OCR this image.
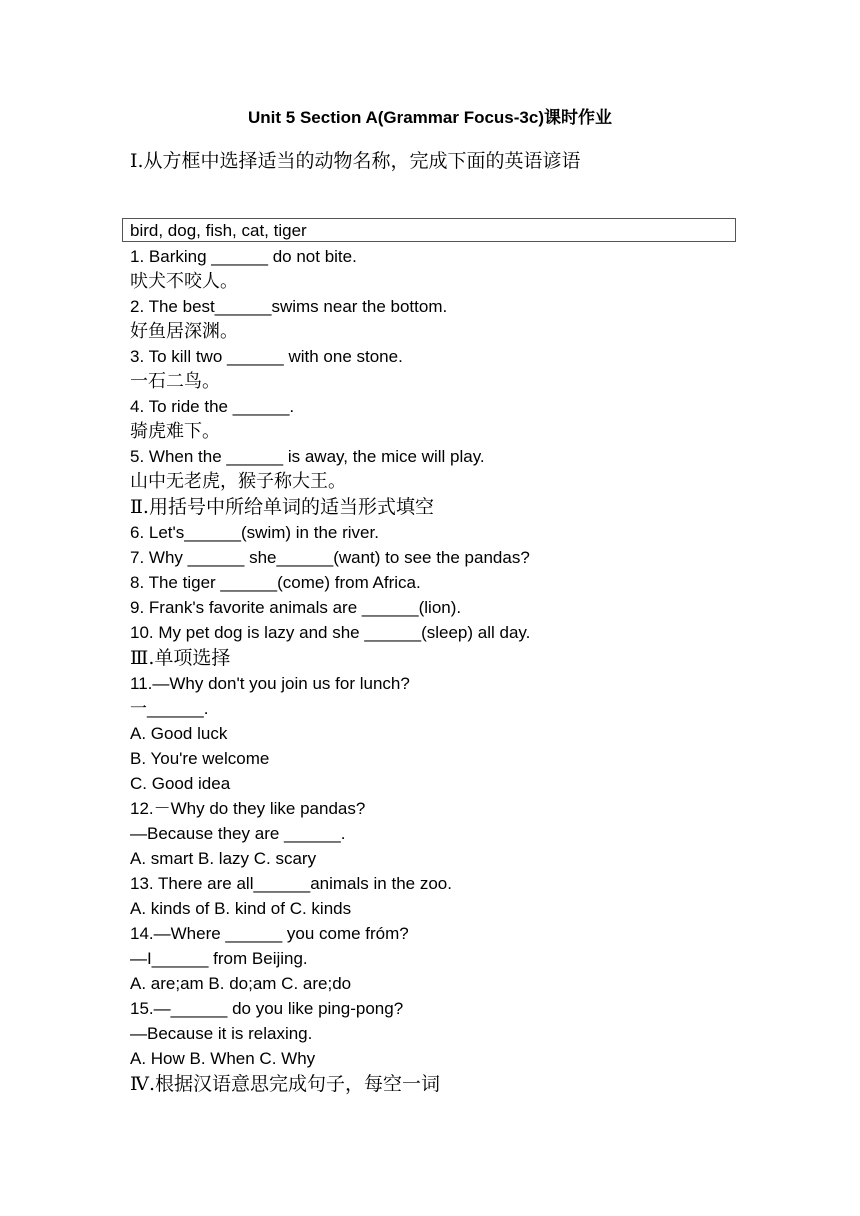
Unit 5 Section A(Grammar Focus-3c)课时作业
Ⅰ.从方框中选择适当的动物名称，完成下面的英语谚语
bird, dog, fish, cat, tiger
1. Barking ______ do not bite.
吠犬不咬人。
2. The best______swims near the bottom.
好鱼居深渊。
3. To kill two ______ with one stone.
一石二鸟。
4. To ride the ______.
骑虎难下。
5. When the ______ is away, the mice will play.
山中无老虎，猴子称大王。
Ⅱ.用括号中所给单词的适当形式填空
6. Let's______(swim) in the river.
7. Why ______ she______(want) to see the pandas?
8. The tiger ______(come) from Africa.
9. Frank's favorite animals are ______(lion).
10. My pet dog is lazy and she ______(sleep) all day.
Ⅲ.单项选择
11.—Why don't you join us for lunch?
一______.
A. Good luck
B. You're welcome
C. Good idea
12.－Why do they like pandas?
—Because they are ______.
A. smart B. lazy C. scary
13. There are all______animals in the zoo.
A. kinds of B. kind of C. kinds
14.—Where ______ you come fróm?
—I______ from Beijing.
A. are;am B. do;am C. are;do
15.—______ do you like ping-pong?
—Because it is relaxing.
A. How B. When C. Why
Ⅳ.根据汉语意思完成句子，每空一词
